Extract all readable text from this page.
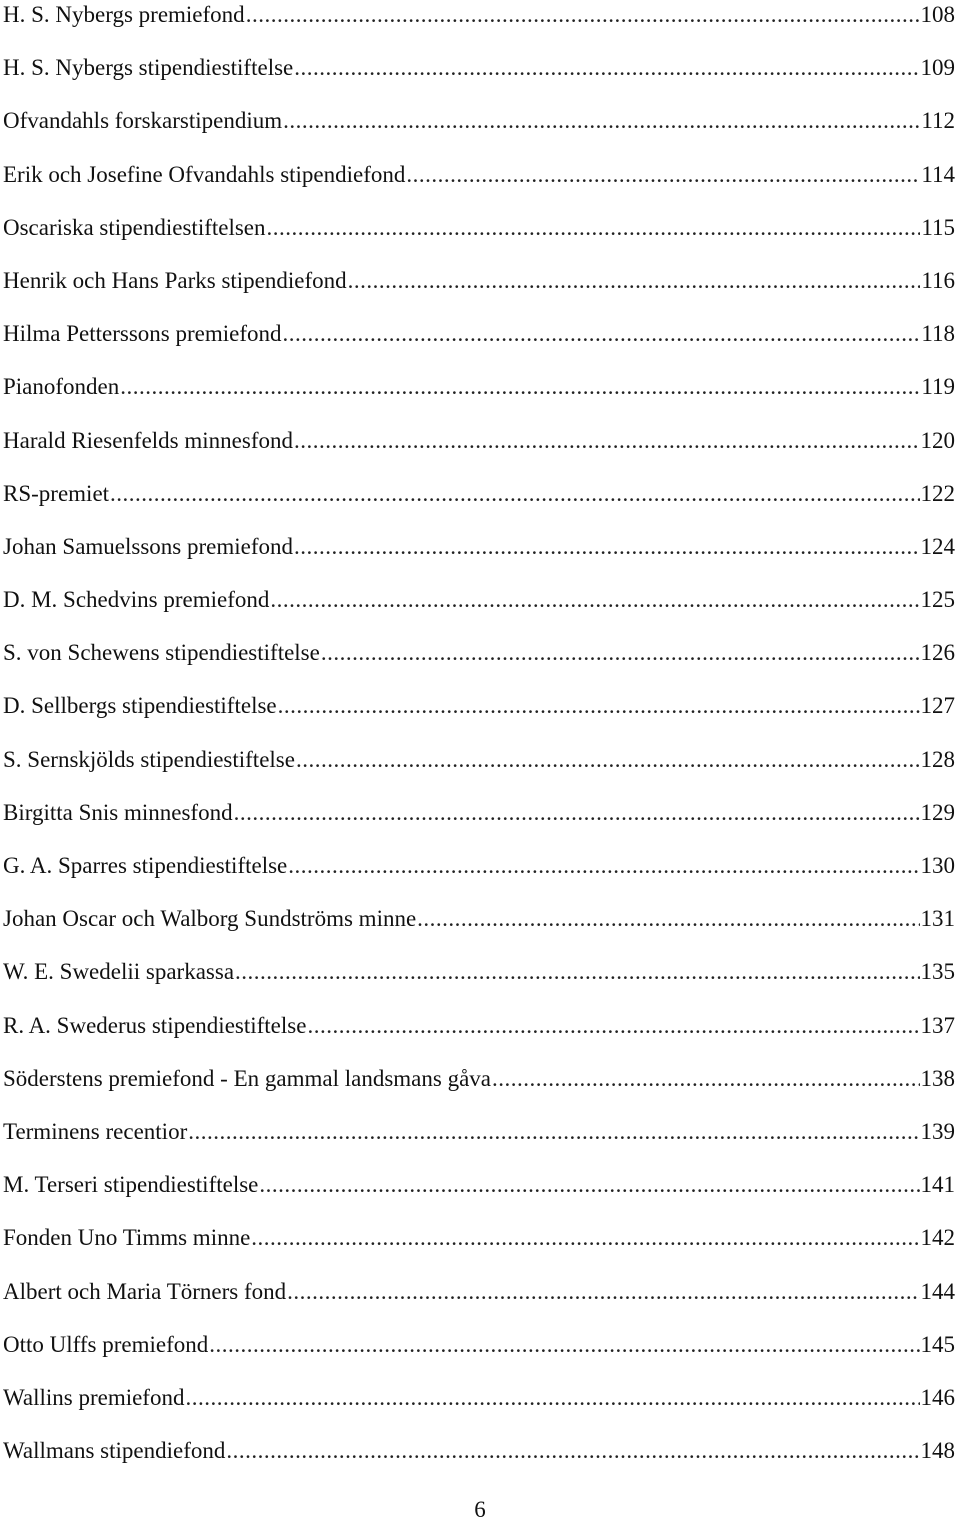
H. S. Nybergs premiefond .....	108
H. S. Nybergs stipendiestiftelse .....	109
Ofvandahls forskarstipendium .....	112
Erik och Josefine Ofvandahls stipendiefond .....	114
Oscariska stipendiestiftelsen .....	115
Henrik och Hans Parks stipendiefond .....	116
Hilma Petterssons premiefond .....	118
Pianofonden .....	119
Harald Riesenfelds minnesfond .....	120
RS-premiet .....	122
Johan Samuelssons premiefond .....	124
D. M. Schedvins premiefond .....	125
S. von Schewens stipendiestiftelse .....	126
D. Sellbergs stipendiestiftelse .....	127
S. Sernskjölds stipendiestiftelse .....	128
Birgitta Snis minnesfond .....	129
G. A. Sparres stipendiestiftelse .....	130
Johan Oscar och Walborg Sundströms minne .....	131
W. E. Swedelii sparkassa .....	135
R. A. Swederus stipendiestiftelse .....	137
Söderstens premiefond - En gammal landsmans gåva .....	138
Terminens recentior .....	139
M. Terseri stipendiestiftelse .....	141
Fonden Uno Timms minne .....	142
Albert och Maria Törners fond .....	144
Otto Ulffs premiefond .....	145
Wallins premiefond .....	146
Wallmans stipendiefond .....	148
6
